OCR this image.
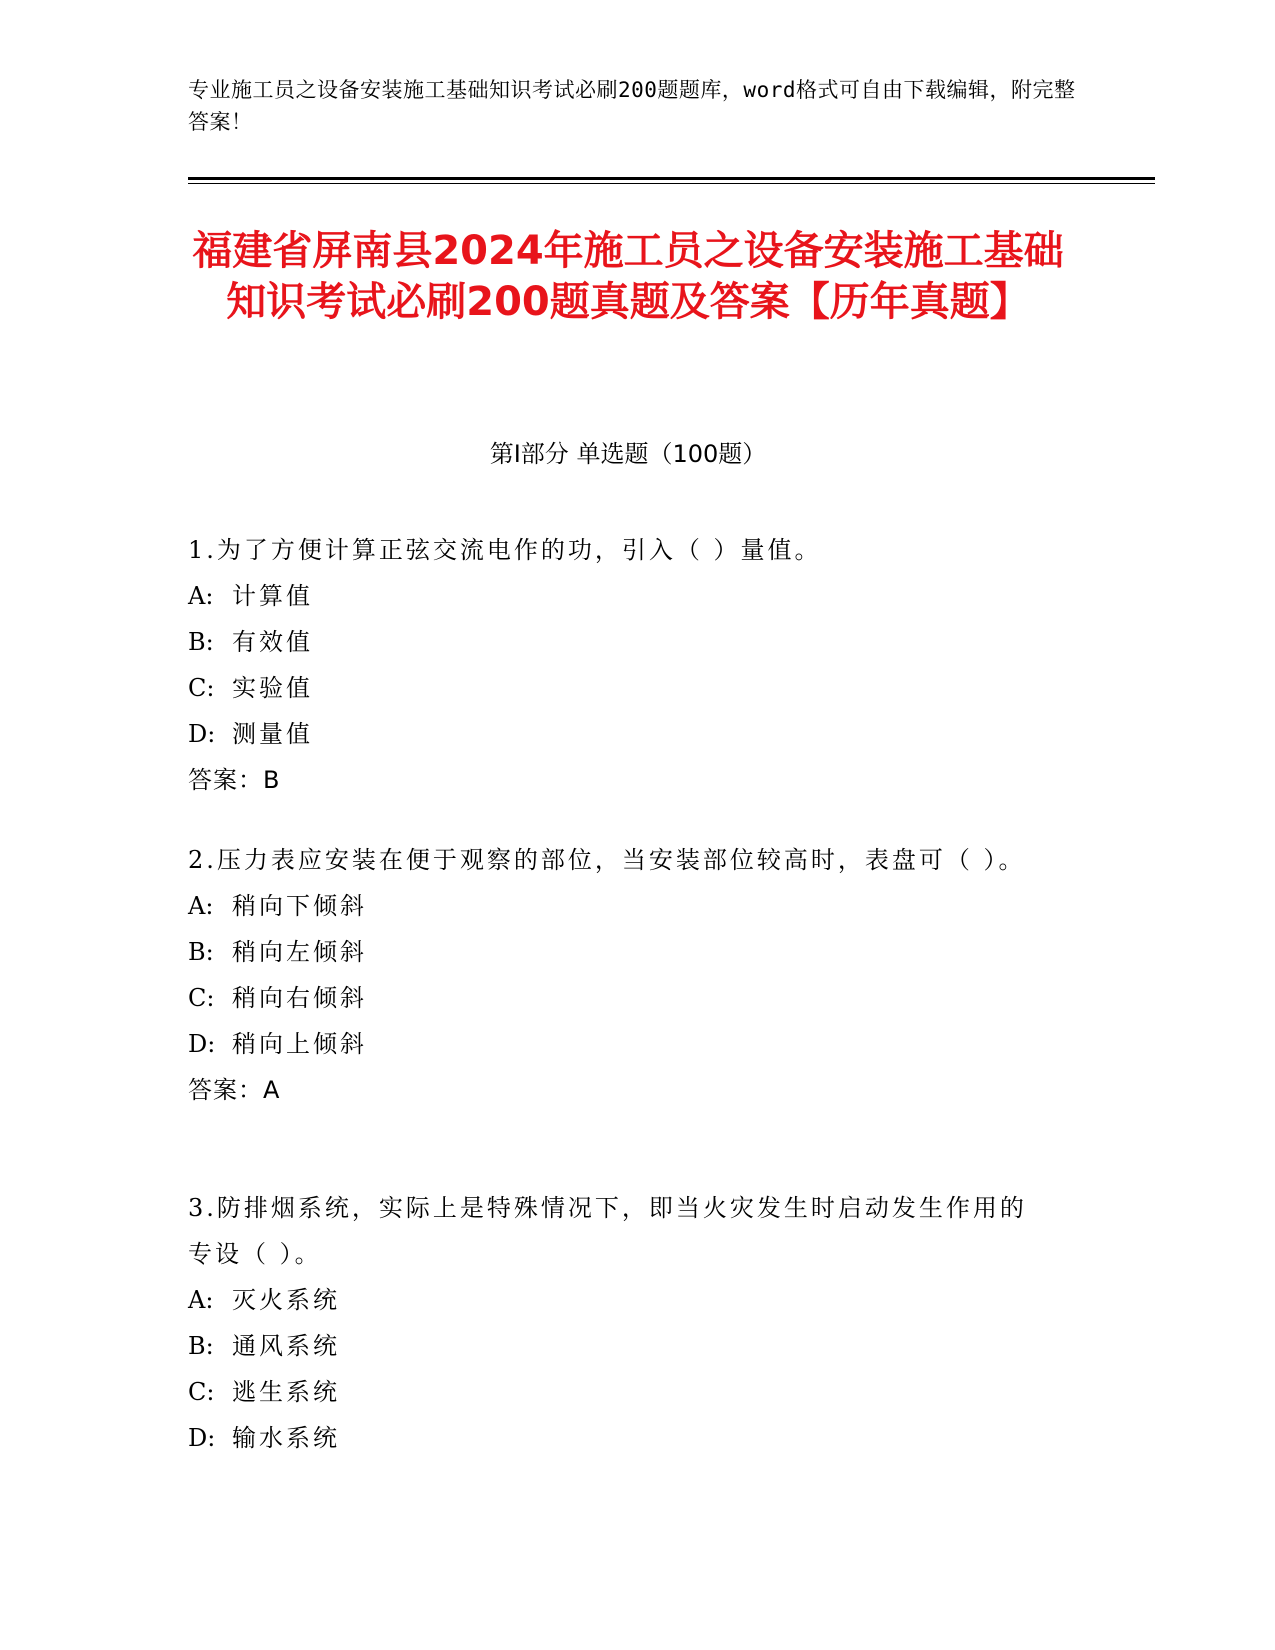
专业施工员之设备安装施工基础知识考试必刷200题题库，word格式可自由下载编辑，附完整答案！
福建省屏南县2024年施工员之设备安装施工基础知识考试必刷200题真题及答案【历年真题】
第I部分 单选题（100题）

1.为了方便计算正弦交流电作的功，引入（ ）量值。

A: 计算值

B: 有效值

C: 实验值

D: 测量值

答案：B

2.压力表应安装在便于观察的部位，当安装部位较高时，表盘可（ ）。

A: 稍向下倾斜

B: 稍向左倾斜

C: 稍向右倾斜

D: 稍向上倾斜

答案：A

3.防排烟系统，实际上是特殊情况下，即当火灾发生时启动发生作用的专设（ ）。

A: 灭火系统

B: 通风系统

C: 逃生系统

D: 输水系统
